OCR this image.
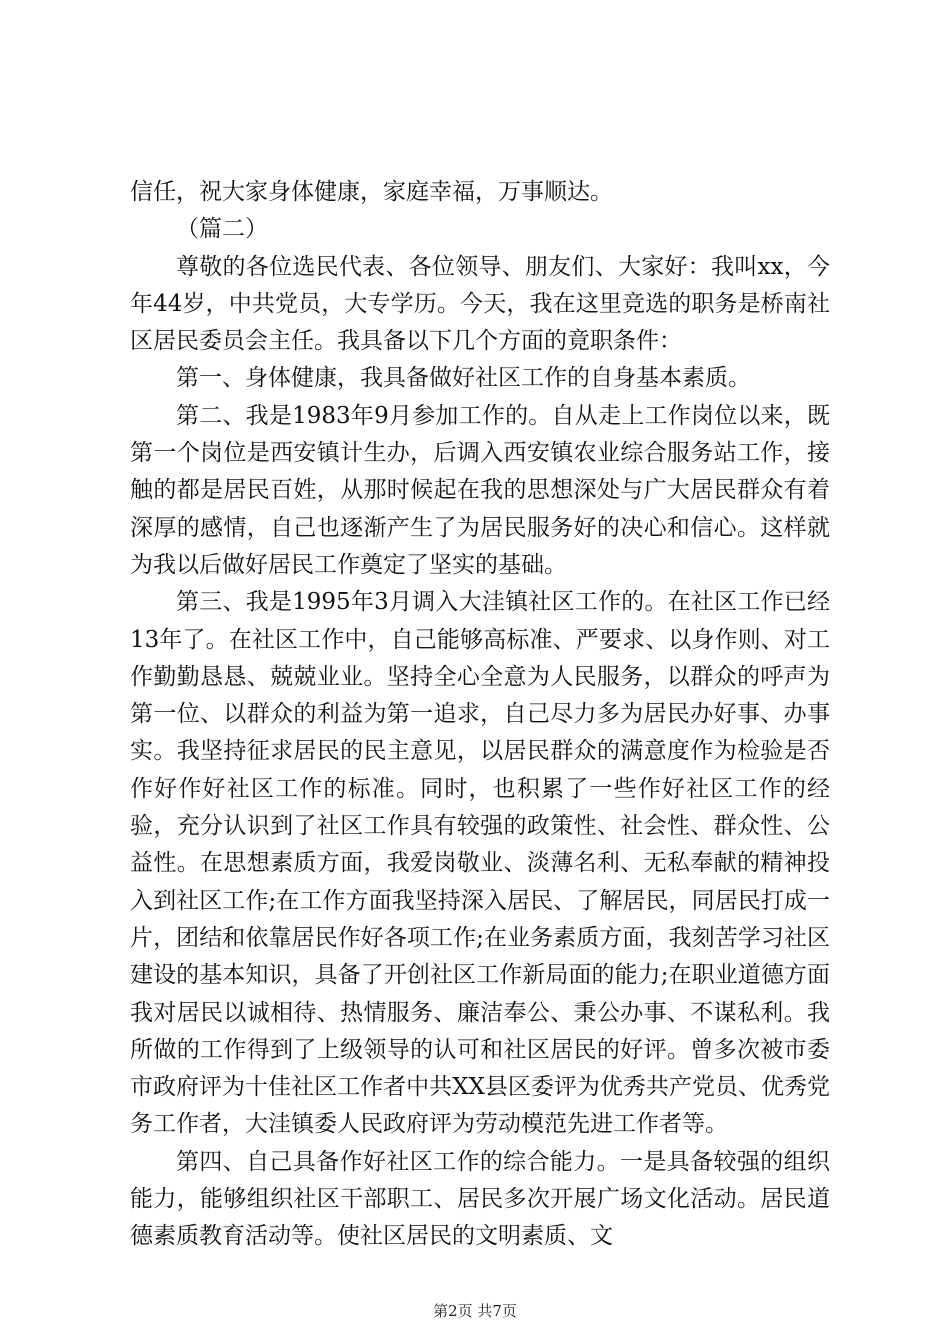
信任，祝大家身体健康，家庭幸福，万事顺达。

（篇二）

尊敬的各位选民代表、各位领导、朋友们、大家好：我叫xx，今年44岁，中共党员，大专学历。今天，我在这里竞选的职务是桥南社区居民委员会主任。我具备以下几个方面的竟职条件：

第一、身体健康，我具备做好社区工作的自身基本素质。

第二、我是1983年9月参加工作的。自从走上工作岗位以来，既第一个岗位是西安镇计生办，后调入西安镇农业综合服务站工作，接触的都是居民百姓，从那时候起在我的思想深处与广大居民群众有着深厚的感情，自己也逐渐产生了为居民服务好的决心和信心。这样就为我以后做好居民工作奠定了坚实的基础。

第三、我是1995年3月调入大洼镇社区工作的。在社区工作已经13年了。在社区工作中，自己能够高标准、严要求、以身作则、对工作勤勤恳恳、兢兢业业。坚持全心全意为人民服务，以群众的呼声为第一位、以群众的利益为第一追求，自己尽力多为居民办好事、办事实。我坚持征求居民的民主意见，以居民群众的满意度作为检验是否作好作好社区工作的标准。同时，也积累了一些作好社区工作的经验，充分认识到了社区工作具有较强的政策性、社会性、群众性、公益性。在思想素质方面，我爱岗敬业、淡薄名利、无私奉献的精神投入到社区工作;在工作方面我坚持深入居民、了解居民，同居民打成一片，团结和依靠居民作好各项工作;在业务素质方面，我刻苦学习社区建设的基本知识，具备了开创社区工作新局面的能力;在职业道德方面我对居民以诚相待、热情服务、廉洁奉公、秉公办事、不谋私利。我所做的工作得到了上级领导的认可和社区居民的好评。曾多次被市委市政府评为十佳社区工作者中共XX县区委评为优秀共产党员、优秀党务工作者，大洼镇委人民政府评为劳动模范先进工作者等。

第四、自己具备作好社区工作的综合能力。一是具备较强的组织能力，能够组织社区干部职工、居民多次开展广场文化活动。居民道德素质教育活动等。使社区居民的文明素质、文

第2页 共7页
